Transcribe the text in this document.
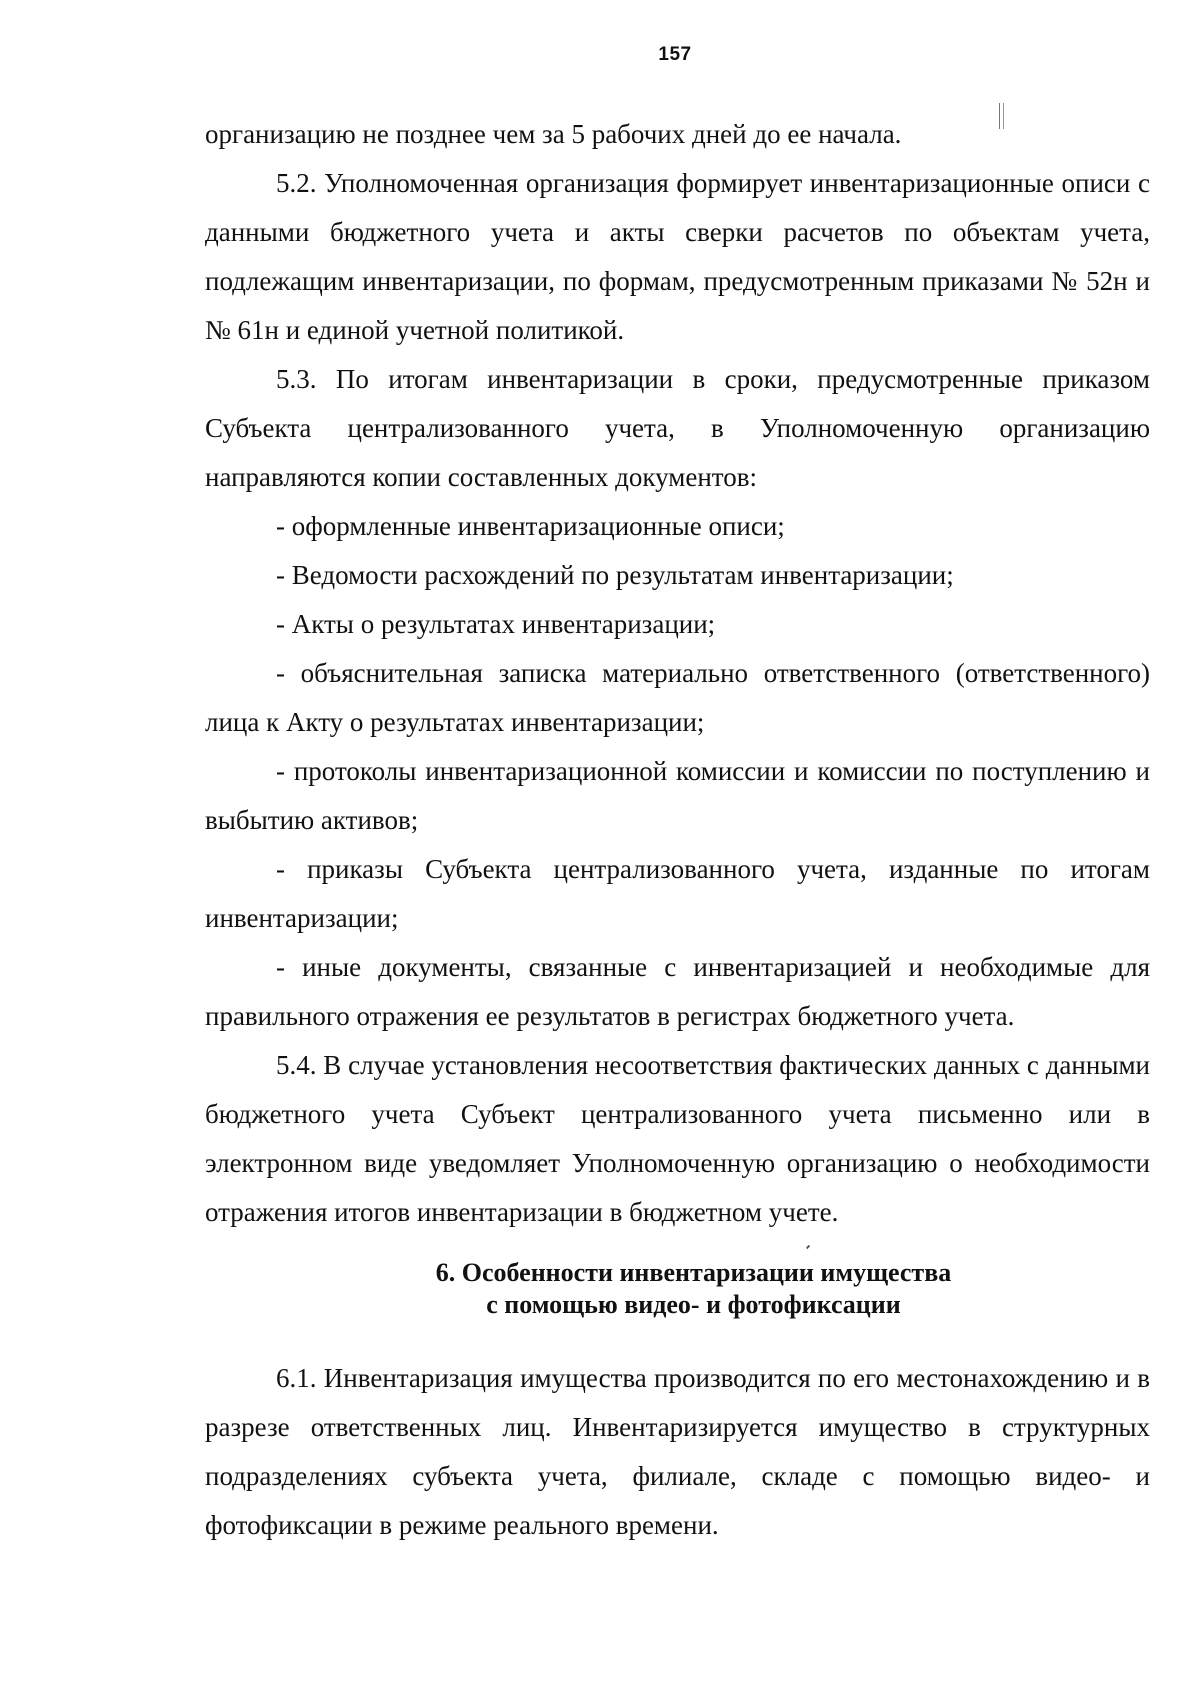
157

организацию не позднее чем за 5 рабочих дней до ее начала.

5.2. Уполномоченная организация формирует инвентаризационные описи с данными бюджетного учета и акты сверки расчетов по объектам учета, подлежащим инвентаризации, по формам, предусмотренным приказами № 52н и № 61н и единой учетной политикой.

5.3. По итогам инвентаризации в сроки, предусмотренные приказом Субъекта централизованного учета, в Уполномоченную организацию направляются копии составленных документов:

- оформленные инвентаризационные описи;

- Ведомости расхождений по результатам инвентаризации;

- Акты о результатах инвентаризации;

- объяснительная записка материально ответственного (ответственного) лица к Акту о результатах инвентаризации;

- протоколы инвентаризационной комиссии и комиссии по поступлению и выбытию активов;

- приказы Субъекта централизованного учета, изданные по итогам инвентаризации;

- иные документы, связанные с инвентаризацией и необходимые для правильного отражения ее результатов в регистрах бюджетного учета.

5.4. В случае установления несоответствия фактических данных с данными бюджетного учета Субъект централизованного учета письменно или в электронном виде уведомляет Уполномоченную организацию о необходимости отражения итогов инвентаризации в бюджетном учете.

6. Особенности инвентаризации имущества
с помощью видео- и фотофиксации

6.1. Инвентаризация имущества производится по его местонахождению и в разрезе ответственных лиц. Инвентаризируется имущество в структурных подразделениях субъекта учета, филиале, складе с помощью видео- и фотофиксации в режиме реального времени.
